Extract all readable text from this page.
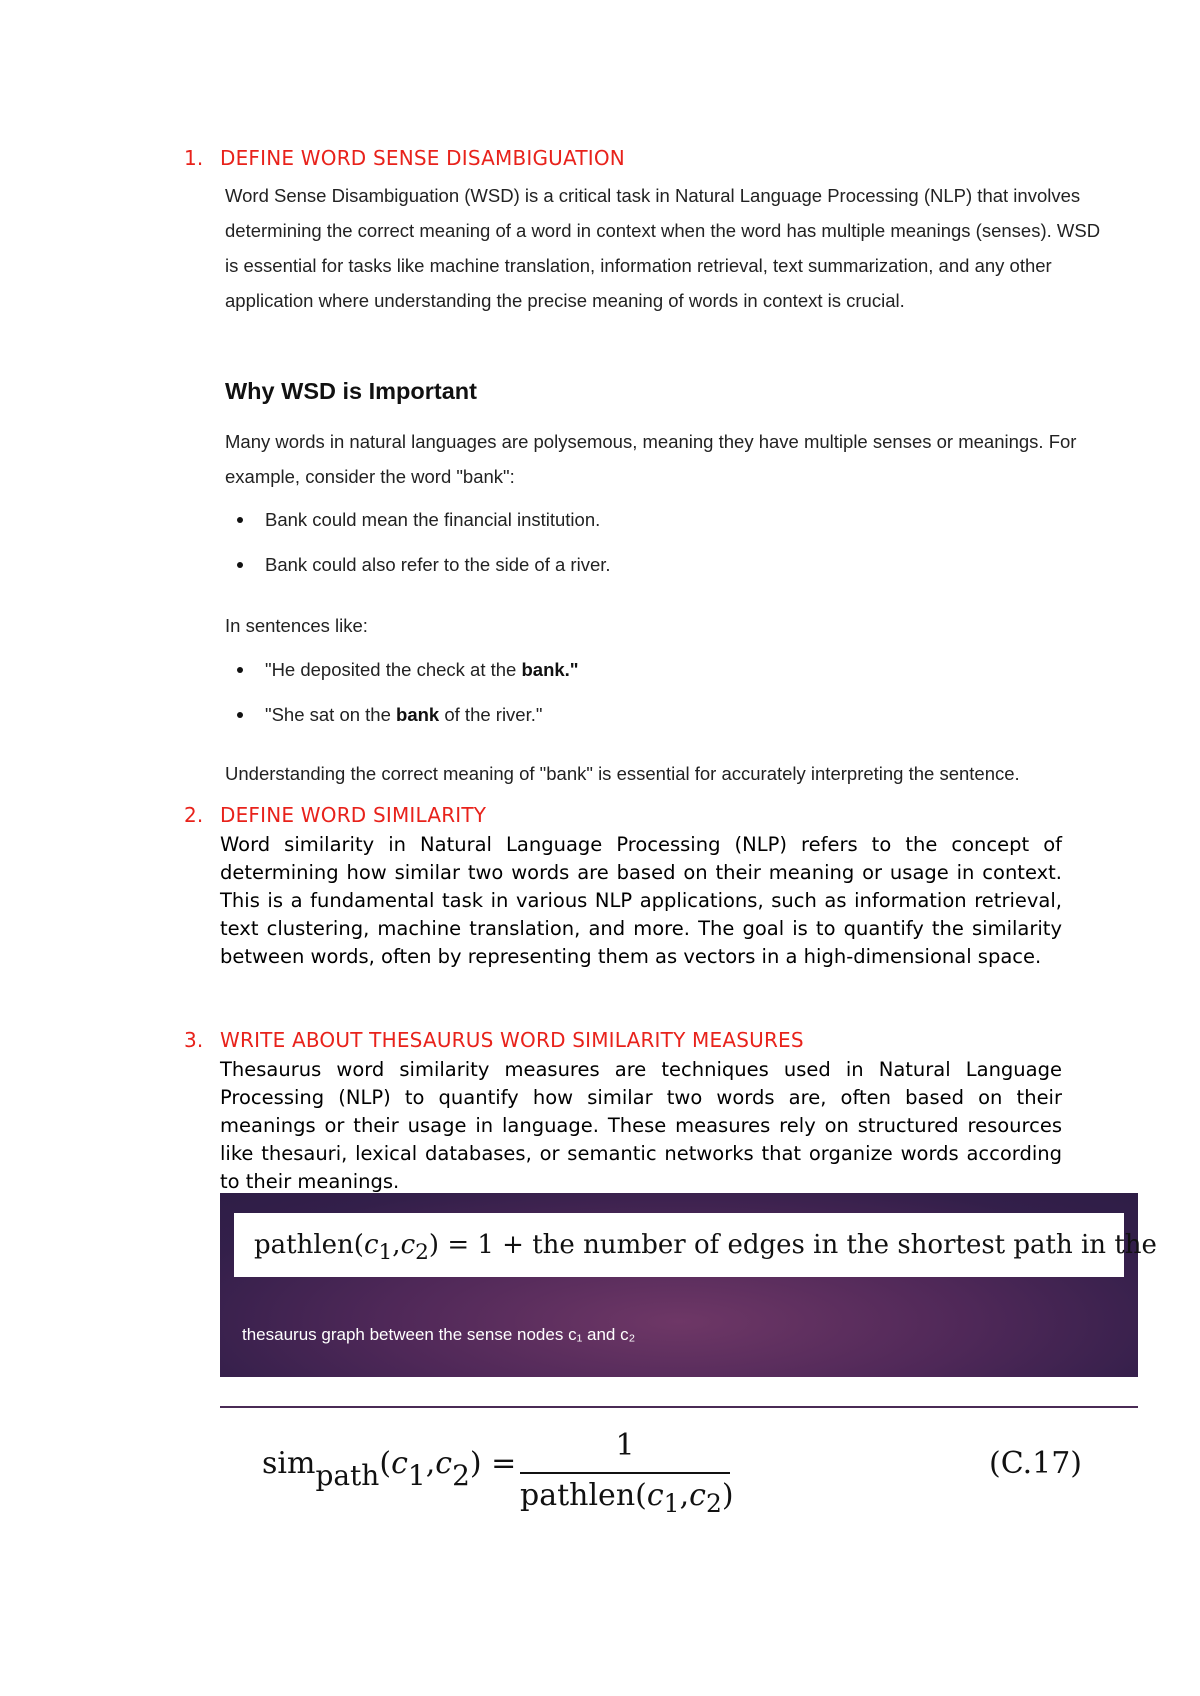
1. DEFINE WORD SENSE DISAMBIGUATION
Word Sense Disambiguation (WSD) is a critical task in Natural Language Processing (NLP) that involves determining the correct meaning of a word in context when the word has multiple meanings (senses). WSD is essential for tasks like machine translation, information retrieval, text summarization, and any other application where understanding the precise meaning of words in context is crucial.
Why WSD is Important
Many words in natural languages are polysemous, meaning they have multiple senses or meanings. For example, consider the word "bank":
Bank could mean the financial institution.
Bank could also refer to the side of a river.
In sentences like:
"He deposited the check at the bank."
"She sat on the bank of the river."
Understanding the correct meaning of "bank" is essential for accurately interpreting the sentence.
2. DEFINE WORD SIMILARITY
Word similarity in Natural Language Processing (NLP) refers to the concept of determining how similar two words are based on their meaning or usage in context. This is a fundamental task in various NLP applications, such as information retrieval, text clustering, machine translation, and more. The goal is to quantify the similarity between words, often by representing them as vectors in a high-dimensional space.
3. WRITE ABOUT THESAURUS WORD SIMILARITY MEASURES
Thesaurus word similarity measures are techniques used in Natural Language Processing (NLP) to quantify how similar two words are, often based on their meanings or their usage in language. These measures rely on structured resources like thesauri, lexical databases, or semantic networks that organize words according to their meanings.
$pathlen(c_1,c_2) = 1$ + the number of edges in the shortest path in the
thesaurus graph between the sense nodes c₁ and c₂
$sim_{path}(c_1,c_2)$ =
1
$pathlen(c_1,c_2)$
(C.17)
